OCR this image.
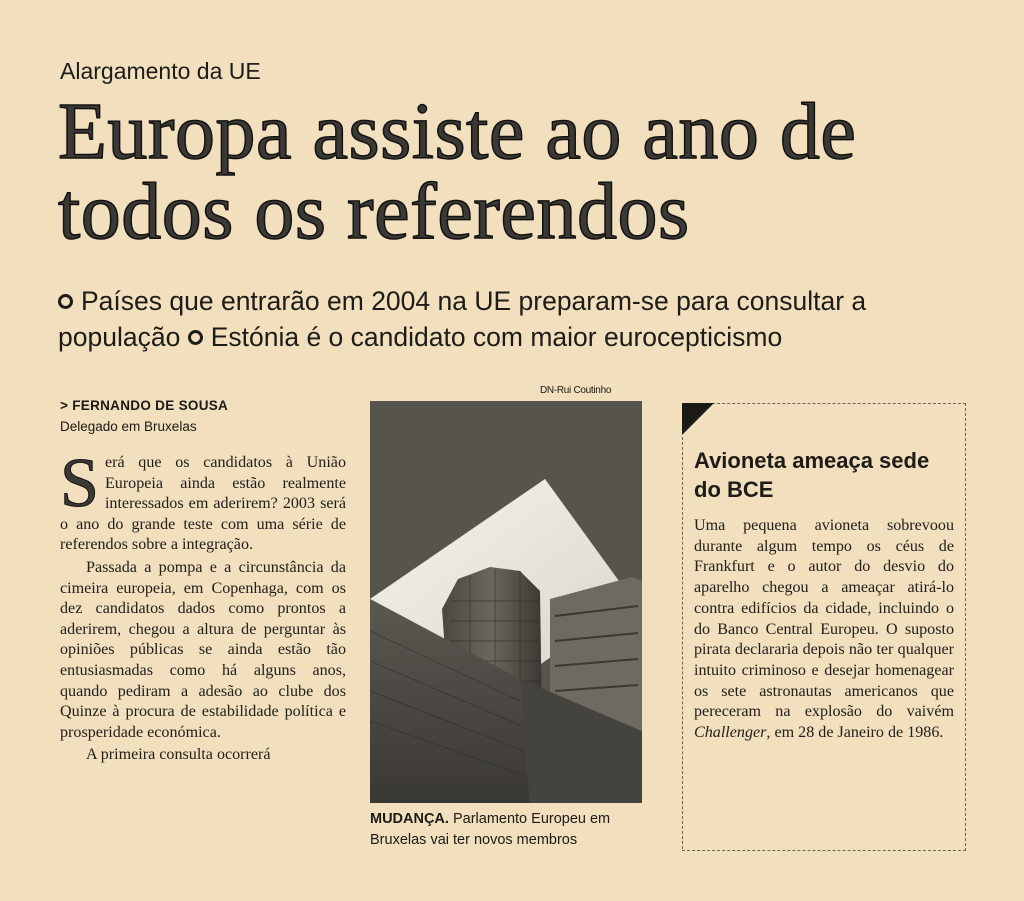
Alargamento da UE
Europa assiste ao ano de todos os referendos
Países que entrarão em 2004 na UE preparam-se para consultar a população Estónia é o candidato com maior eurocepticismo
> FERNANDO DE SOUSA
Delegado em Bruxelas

Será que os candidatos à União Europeia ainda estão realmente interessados em aderirem? 2003 será o ano do grande teste com uma série de referendos sobre a integração.

Passada a pompa e a circunstância da cimeira europeia, em Copenhaga, com os dez candidatos dados como prontos a aderirem, chegou a altura de perguntar às opiniões públicas se ainda estão tão entusiasmadas como há alguns anos, quando pediram a adesão ao clube dos Quinze à procura de estabilidade política e prosperidade económica.

A primeira consulta ocorrerá

DN-Rui Coutinho
MUDANÇA. Parlamento Europeu em Bruxelas vai ter novos membros
Avioneta ameaça sede do BCE
Uma pequena avioneta sobrevoou durante algum tempo os céus de Frankfurt e o autor do desvio do aparelho chegou a ameaçar atirá-lo contra edifícios da cidade, incluindo o do Banco Central Europeu. O suposto pirata declararia depois não ter qualquer intuito criminoso e desejar homenagear os sete astronautas americanos que pereceram na explosão do vaivém Challenger, em 28 de Janeiro de 1986.
